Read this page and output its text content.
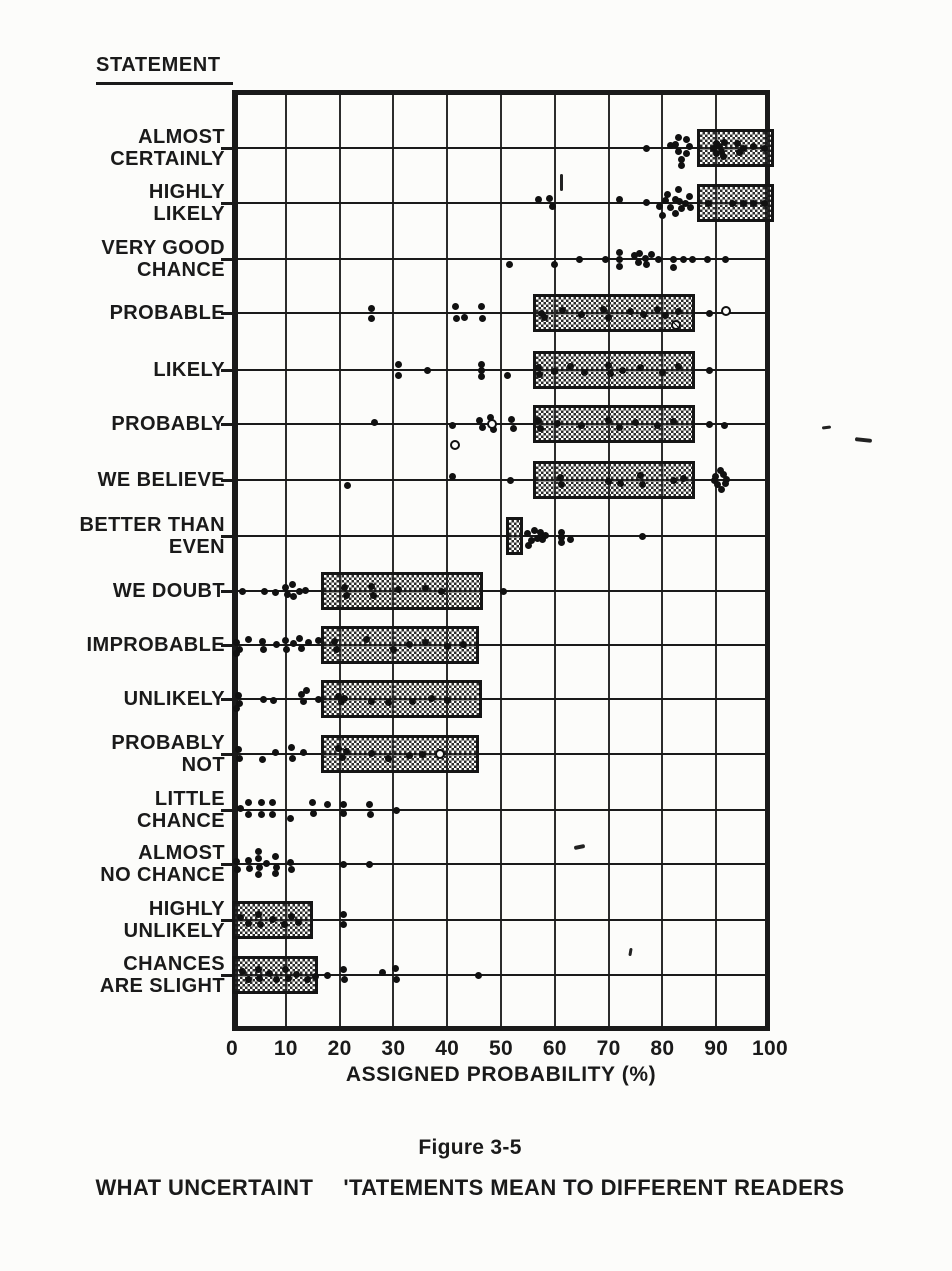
STATEMENT
ASSIGNED PROBABILITY (%)
Figure 3-5
WHAT UNCERTAINT 'TATEMENTS MEAN TO DIFFERENT READERS
ALMOST
CERTAINLY
HIGHLY
LIKELY
VERY GOOD
CHANCE
PROBABLE
LIKELY
PROBABLY
WE BELIEVE
BETTER THAN
EVEN
WE DOUBT
IMPROBABLE
UNLIKELY
PROBABLY
NOT
LITTLE
CHANCE
ALMOST
NO CHANCE
HIGHLY
UNLIKELY
CHANCES
ARE SLIGHT
0 10 20 30 40 50 60 70 80 90 100
